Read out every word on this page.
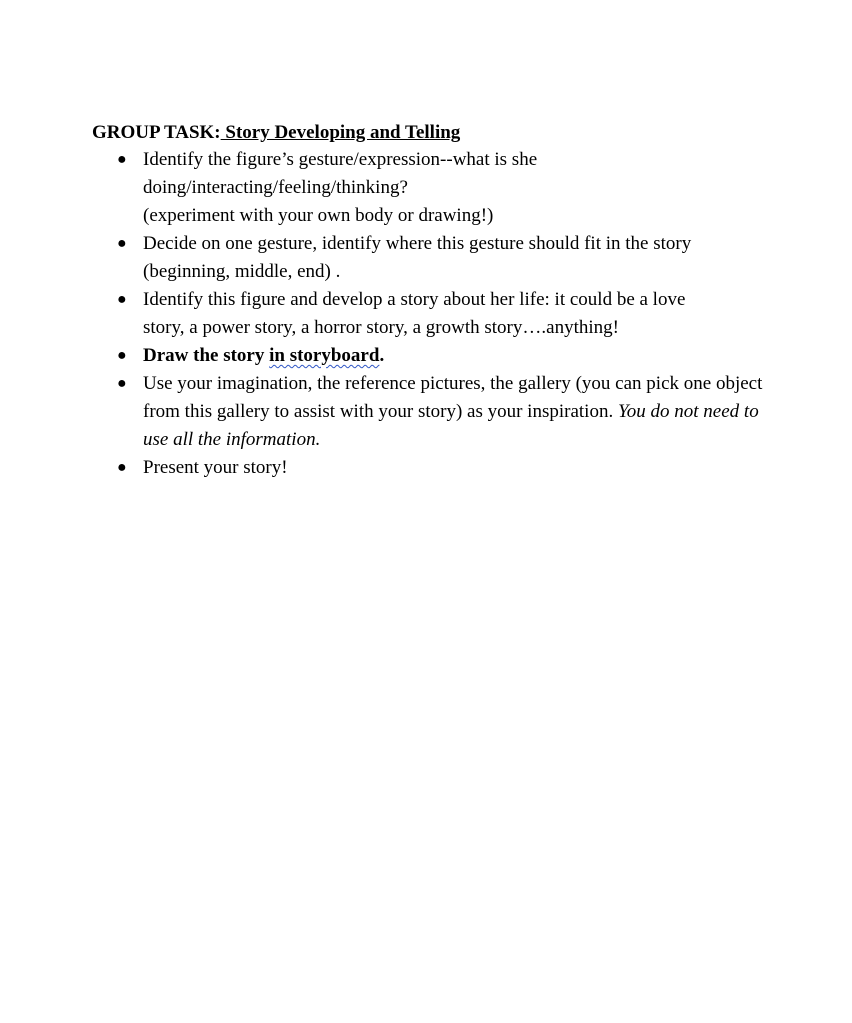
GROUP TASK: Story Developing and Telling

● Identify the figure’s gesture/expression--what is she
doing/interacting/feeling/thinking?
(experiment with your own body or drawing!)
● Decide on one gesture, identify where this gesture should fit in the story
(beginning, middle, end) .
● Identify this figure and develop a story about her life: it could be a love
story, a power story, a horror story, a growth story….anything!
● Draw the story in storyboard.
● Use your imagination, the reference pictures, the gallery (you can pick one object from this gallery to assist with your story) as your inspiration. You do not need to use all the information.
● Present your story!
